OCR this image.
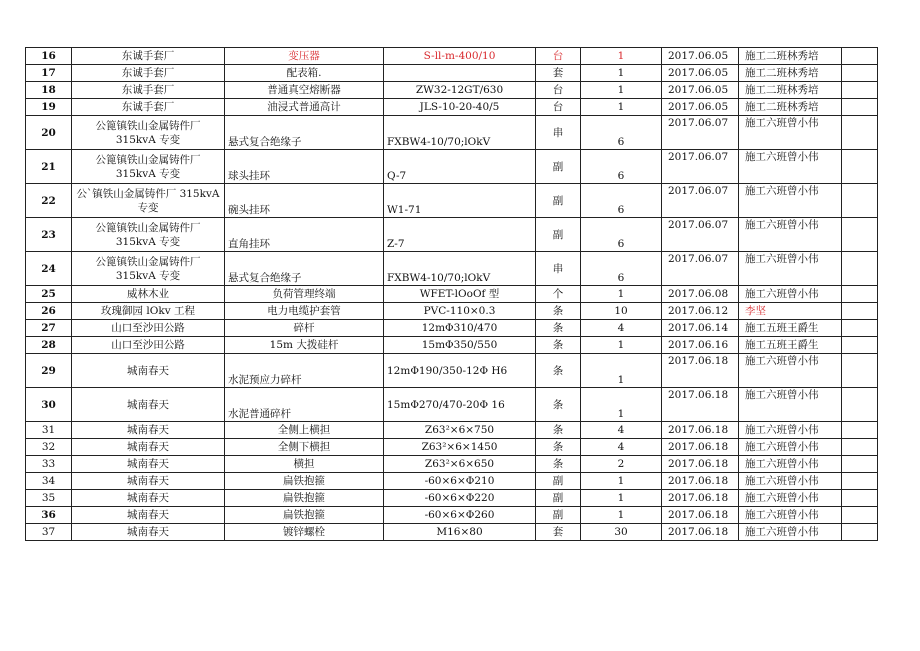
16	东诚手套厂	变压器	S-ll-m-400/10	台	1	2017.06.05	施工二班林秀培	
17	东诚手套厂	配表箱.		套	1	2017.06.05	施工二班林秀培	
18	东诚手套厂	普通真空熔断器	ZW32-12GT/630	台	1	2017.06.05	施工二班林秀培	
19	东诚手套厂	油浸式普通高计	JLS-10-20-40/5	台	1	2017.06.05	施工二班林秀培	
20	公篦镇铁山金属铸件厂 315kvA 专变	悬式复合绝缘子	FXBW4-10/70;lOkV	串	6	2017.06.07	施工六班曾小伟	
21	公篦镇铁山金属铸件厂 315kvA 专变	球头挂环	Q-7	副	6	2017.06.07	施工六班曾小伟	
22	公`镇铁山金属铸件厂 315kvA 专变	碗头挂环	W1-71	副	6	2017.06.07	施工六班曾小伟	
23	公篦镇铁山金属铸件厂 315kvA 专变	直角挂环	Z-7	副	6	2017.06.07	施工六班曾小伟	
24	公篦镇铁山金属铸件厂 315kvA 专变	悬式复合绝缘子	FXBW4-10/70;lOkV	串	6	2017.06.07	施工六班曾小伟	
25	威林木业	负荷管理终端	WFET-lOoOf 型	个	1	2017.06.08	施工六班曾小伟	
26	玫瑰御园 lOkv 工程	电力电缆护套管	PVC-110×0.3	条	10	2017.06.12	李坚	
27	山口至沙田公路	碎杆	12mΦ310/470	条	4	2017.06.14	施工五班王爵生	
28	山口至沙田公路	15m 大拨硅杆	15mΦ350/550	条	1	2017.06.16	施工五班王爵生	
29	城南春天	水泥预应力碎杆	12mΦ190/350-12Φ H6	条	1	2017.06.18	施工六班曾小伟	
30	城南春天	水泥普通碎杆	15mΦ270/470-20Φ 16	条	1	2017.06.18	施工六班曾小伟	
31	城南春天	全侧上横担	Z63²×6×750	条	4	2017.06.18	施工六班曾小伟	
32	城南春天	全侧下横担	Z63²×6×1450	条	4	2017.06.18	施工六班曾小伟	
33	城南春天	横担	Z63²×6×650	条	2	2017.06.18	施工六班曾小伟	
34	城南春天	扁铁抱箍	-60×6×Φ210	副	1	2017.06.18	施工六班曾小伟	
35	城南春天	扁铁抱箍	-60×6×Φ220	副	1	2017.06.18	施工六班曾小伟	
36	城南春天	扁铁抱箍	-60×6×Φ260	副	1	2017.06.18	施工六班曾小伟	
37	城南春天	镀锌螺栓	M16×80	套	30	2017.06.18	施工六班曾小伟	
